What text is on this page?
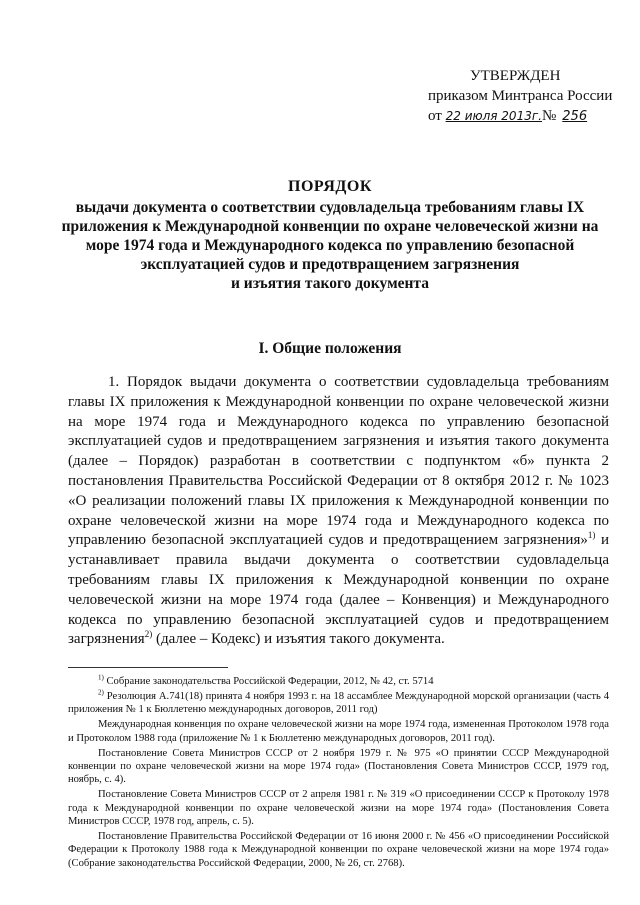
УТВЕРЖДЕН
приказом Минтранса России
от 22 июля 2013г.№ 256
ПОРЯДОК
выдачи документа о соответствии судовладельца требованиям главы IX
приложения к Международной конвенции по охране человеческой жизни на
море 1974 года и Международного кодекса по управлению безопасной
эксплуатацией судов и предотвращением загрязнения
и изъятия такого документа
I. Общие положения

1. Порядок выдачи документа о соответствии судовладельца требованиям главы IX приложения к Международной конвенции по охране человеческой жизни на море 1974 года и Международного кодекса по управлению безопасной эксплуатацией судов и предотвращением загрязнения и изъятия такого документа (далее – Порядок) разработан в соответствии с подпунктом «б» пункта 2 постановления Правительства Российской Федерации от 8 октября 2012 г. № 1023 «О реализации положений главы IX приложения к Международной конвенции по охране человеческой жизни на море 1974 года и Международного кодекса по управлению безопасной эксплуатацией судов и предотвращением загрязнения»$^{1)}$ и устанавливает правила выдачи документа о соответствии судовладельца требованиям главы IX приложения к Международной конвенции по охране человеческой жизни на море 1974 года (далее – Конвенция) и Международного кодекса по управлению безопасной эксплуатацией судов и предотвращением загрязнения$^{2)}$ (далее – Кодекс) и изъятия такого документа.

$^{1)}$ Собрание законодательства Российской Федерации, 2012, № 42, ст. 5714

$^{2)}$ Резолюция A.741(18) принята 4 ноября 1993 г. на 18 ассамблее Международной морской организации (часть 4 приложения № 1 к Бюллетеню международных договоров, 2011 год)

Международная конвенция по охране человеческой жизни на море 1974 года, измененная Протоколом 1978 года и Протоколом 1988 года (приложение № 1 к Бюллетеню международных договоров, 2011 год).

Постановление Совета Министров СССР от 2 ноября 1979 г. № 975 «О принятии СССР Международной конвенции по охране человеческой жизни на море 1974 года» (Постановления Совета Министров СССР, 1979 год, ноябрь, с. 4).

Постановление Совета Министров СССР от 2 апреля 1981 г. № 319 «О присоединении СССР к Протоколу 1978 года к Международной конвенции по охране человеческой жизни на море 1974 года» (Постановления Совета Министров СССР, 1978 год, апрель, с. 5).

Постановление Правительства Российской Федерации от 16 июня 2000 г. № 456 «О присоединении Российской Федерации к Протоколу 1988 года к Международной конвенции по охране человеческой жизни на море 1974 года» (Собрание законодательства Российской Федерации, 2000, № 26, ст. 2768).
